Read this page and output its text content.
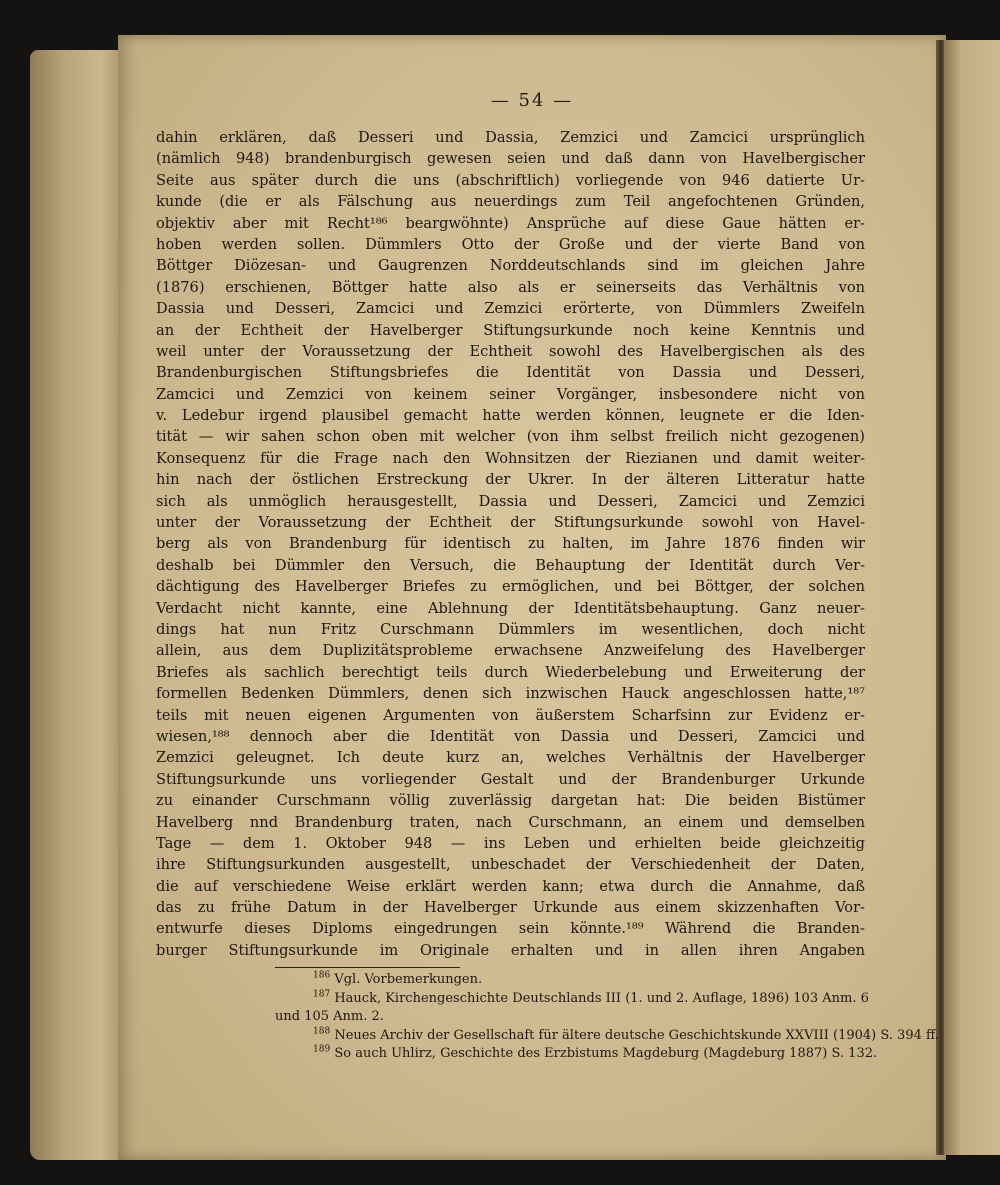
— 54 —
dahin erklären, daß Desseri und Dassia, Zemzici und Zamcici ursprünglich
(nämlich 948) brandenburgisch gewesen seien und daß dann von Havelbergischer
Seite aus später durch die uns (abschriftlich) vorliegende von 946 datierte Ur-
kunde (die er als Fälschung aus neuerdings zum Teil angefochtenen Gründen,
objektiv aber mit Recht¹⁸⁶ beargwöhnte) Ansprüche auf diese Gaue hätten er-
hoben werden sollen. Dümmlers Otto der Große und der vierte Band von
Böttger Diözesan- und Gaugrenzen Norddeutschlands sind im gleichen Jahre
(1876) erschienen, Böttger hatte also als er seinerseits das Verhältnis von
Dassia und Desseri, Zamcici und Zemzici erörterte, von Dümmlers Zweifeln
an der Echtheit der Havelberger Stiftungsurkunde noch keine Kenntnis und
weil unter der Voraussetzung der Echtheit sowohl des Havelbergischen als des
Brandenburgischen Stiftungsbriefes die Identität von Dassia und Desseri,
Zamcici und Zemzici von keinem seiner Vorgänger, insbesondere nicht von
v. Ledebur irgend plausibel gemacht hatte werden können, leugnete er die Iden-
tität — wir sahen schon oben mit welcher (von ihm selbst freilich nicht gezogenen)
Konsequenz für die Frage nach den Wohnsitzen der Riezianen und damit weiter-
hin nach der östlichen Erstreckung der Ukrer. In der älteren Litteratur hatte
sich als unmöglich herausgestellt, Dassia und Desseri, Zamcici und Zemzici
unter der Voraussetzung der Echtheit der Stiftungsurkunde sowohl von Havel-
berg als von Brandenburg für identisch zu halten, im Jahre 1876 finden wir
deshalb bei Dümmler den Versuch, die Behauptung der Identität durch Ver-
dächtigung des Havelberger Briefes zu ermöglichen, und bei Böttger, der solchen
Verdacht nicht kannte, eine Ablehnung der Identitätsbehauptung. Ganz neuer-
dings hat nun Fritz Curschmann Dümmlers im wesentlichen, doch nicht
allein, aus dem Duplizitätsprobleme erwachsene Anzweifelung des Havelberger
Briefes als sachlich berechtigt teils durch Wiederbelebung und Erweiterung der
formellen Bedenken Dümmlers, denen sich inzwischen Hauck angeschlossen hatte,¹⁸⁷
teils mit neuen eigenen Argumenten von äußerstem Scharfsinn zur Evidenz er-
wiesen,¹⁸⁸ dennoch aber die Identität von Dassia und Desseri, Zamcici und
Zemzici geleugnet. Ich deute kurz an, welches Verhältnis der Havelberger
Stiftungsurkunde uns vorliegender Gestalt und der Brandenburger Urkunde
zu einander Curschmann völlig zuverlässig dargetan hat: Die beiden Bistümer
Havelberg nnd Brandenburg traten, nach Curschmann, an einem und demselben
Tage — dem 1. Oktober 948 — ins Leben und erhielten beide gleichzeitig
ihre Stiftungsurkunden ausgestellt, unbeschadet der Verschiedenheit der Daten,
die auf verschiedene Weise erklärt werden kann; etwa durch die Annahme, daß
das zu frühe Datum in der Havelberger Urkunde aus einem skizzenhaften Vor-
entwurfe dieses Diploms eingedrungen sein könnte.¹⁸⁹ Während die Branden-
burger Stiftungsurkunde im Originale erhalten und in allen ihren Angaben
$^{186}$ Vgl. Vorbemerkungen.
$^{187}$ Hauck, Kirchengeschichte Deutschlands III (1. und 2. Auflage, 1896) 103 Anm. 6
und 105 Anm. 2.
$^{188}$ Neues Archiv der Gesellschaft für ältere deutsche Geschichtskunde XXVIII (1904) S. 394 ff.
$^{189}$ So auch Uhlirz, Geschichte des Erzbistums Magdeburg (Magdeburg 1887) S. 132.
